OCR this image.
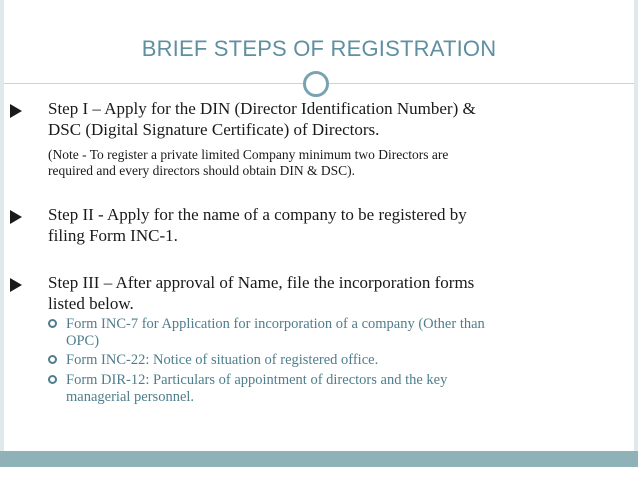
BRIEF STEPS OF REGISTRATION
Step I – Apply for the DIN (Director Identification Number) &
DSC (Digital Signature Certificate) of Directors.
(Note - To register a private limited Company minimum two Directors are
required and every directors should obtain DIN & DSC).
Step II - Apply for the name of a company to be registered by
filing Form INC-1.
Step III – After approval of Name, file the incorporation forms
listed below.
Form INC-7 for Application for incorporation of a company (Other than
OPC)
Form INC-22: Notice of situation of registered office.
Form DIR-12: Particulars of appointment of directors and the key
managerial personnel.
